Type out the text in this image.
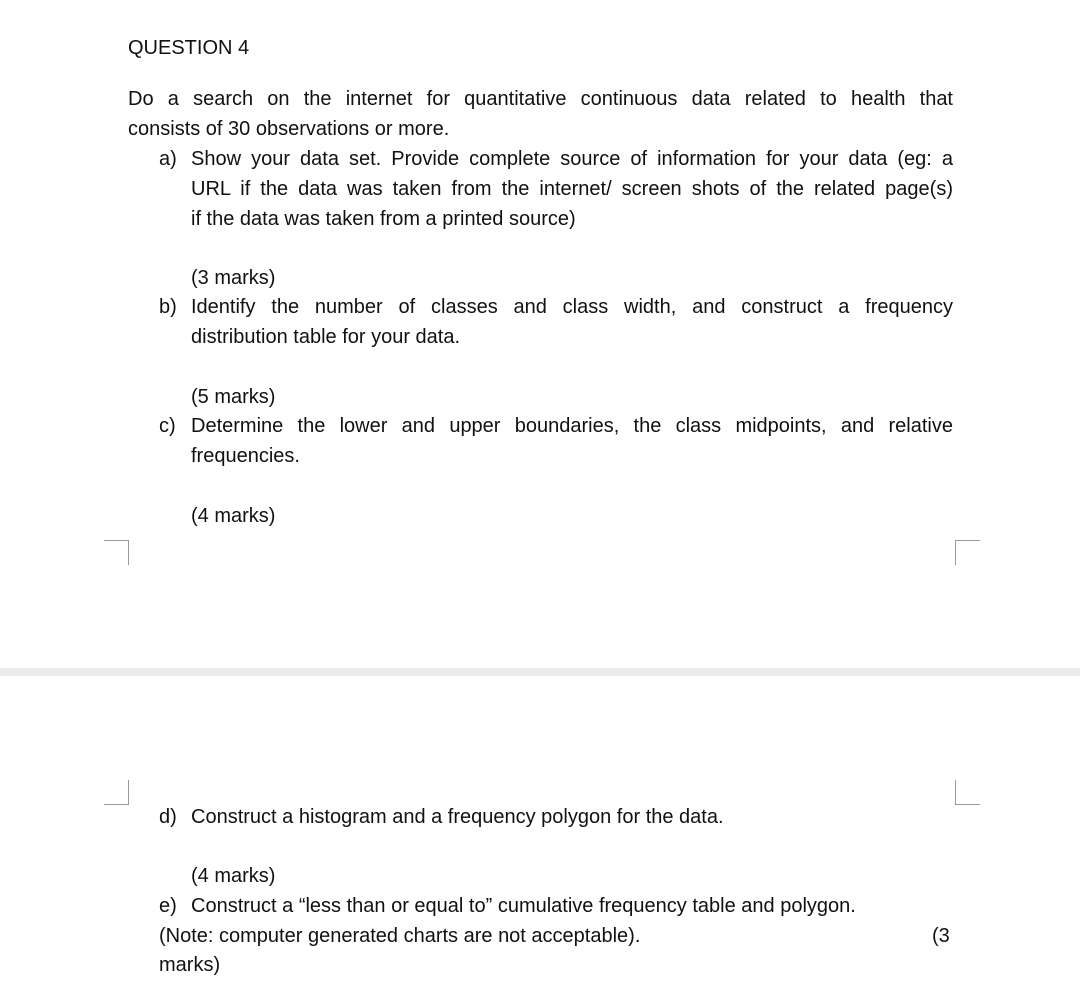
QUESTION 4
Do a search on the internet for quantitative continuous data related to health that
consists of 30 observations or more.
a) Show your data set. Provide complete source of information for your data (eg: a
URL if the data was taken from the internet/ screen shots of the related page(s)
if the data was taken from a printed source)
(3 marks)
b) Identify the number of classes and class width, and construct a frequency
distribution table for your data.
(5 marks)
c) Determine the lower and upper boundaries, the class midpoints, and relative
frequencies.
(4 marks)
d) Construct a histogram and a frequency polygon for the data.
(4 marks)
e) Construct a “less than or equal to” cumulative frequency table and polygon.
(Note: computer generated charts are not acceptable).	(3
marks)
